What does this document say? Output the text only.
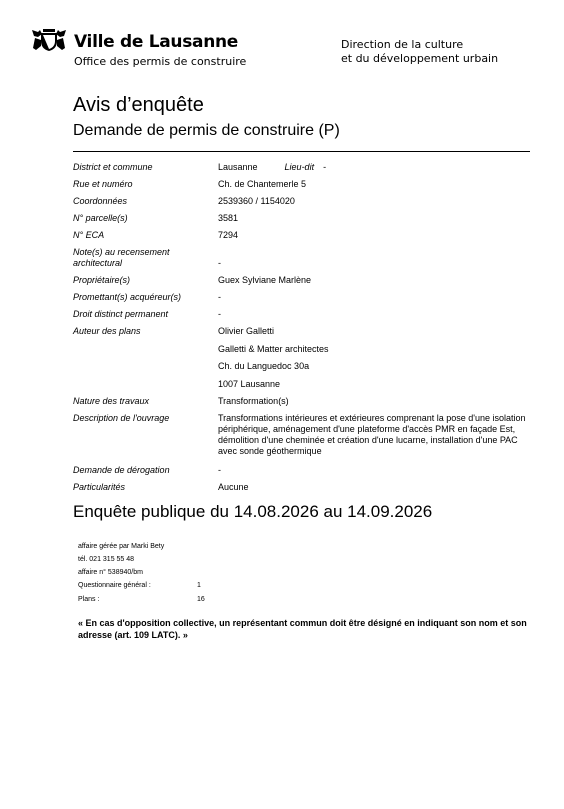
Ville de Lausanne
Office des permis de construire
Direction de la culture
et du développement urbain
Avis d’enquête
Demande de permis de construire (P)
District et commune	Lausanne	Lieu-dit -
Rue et numéro	Ch. de Chantemerle 5
Coordonnées	2539360 / 1154020
N° parcelle(s)	3581
N° ECA	7294
Note(s) au recensement
architectural	-
Propriétaire(s)	Guex Sylviane Marlène
Promettant(s) acquéreur(s)	-
Droit distinct permanent	-
Auteur des plans	Olivier Galletti
Galletti & Matter architectes
Ch. du Languedoc 30a
1007 Lausanne
Nature des travaux	Transformation(s)
Description de l'ouvrage	Transformations intérieures et extérieures comprenant la pose d'une isolation périphérique, aménagement d'une plateforme d'accès PMR en façade Est, démolition d'une cheminée et création d'une lucarne, installation d'une PAC avec sonde géothermique
Demande de dérogation	-
Particularités	Aucune
Enquête publique du 14.08.2026 au 14.09.2026
affaire gérée par Marki Bety
tél. 021 315 55 48
affaire n° 538940/bm
Questionnaire général :	1
Plans :	16
« En cas d'opposition collective, un représentant commun doit être désigné en indiquant son nom et son adresse (art. 109 LATC). »
